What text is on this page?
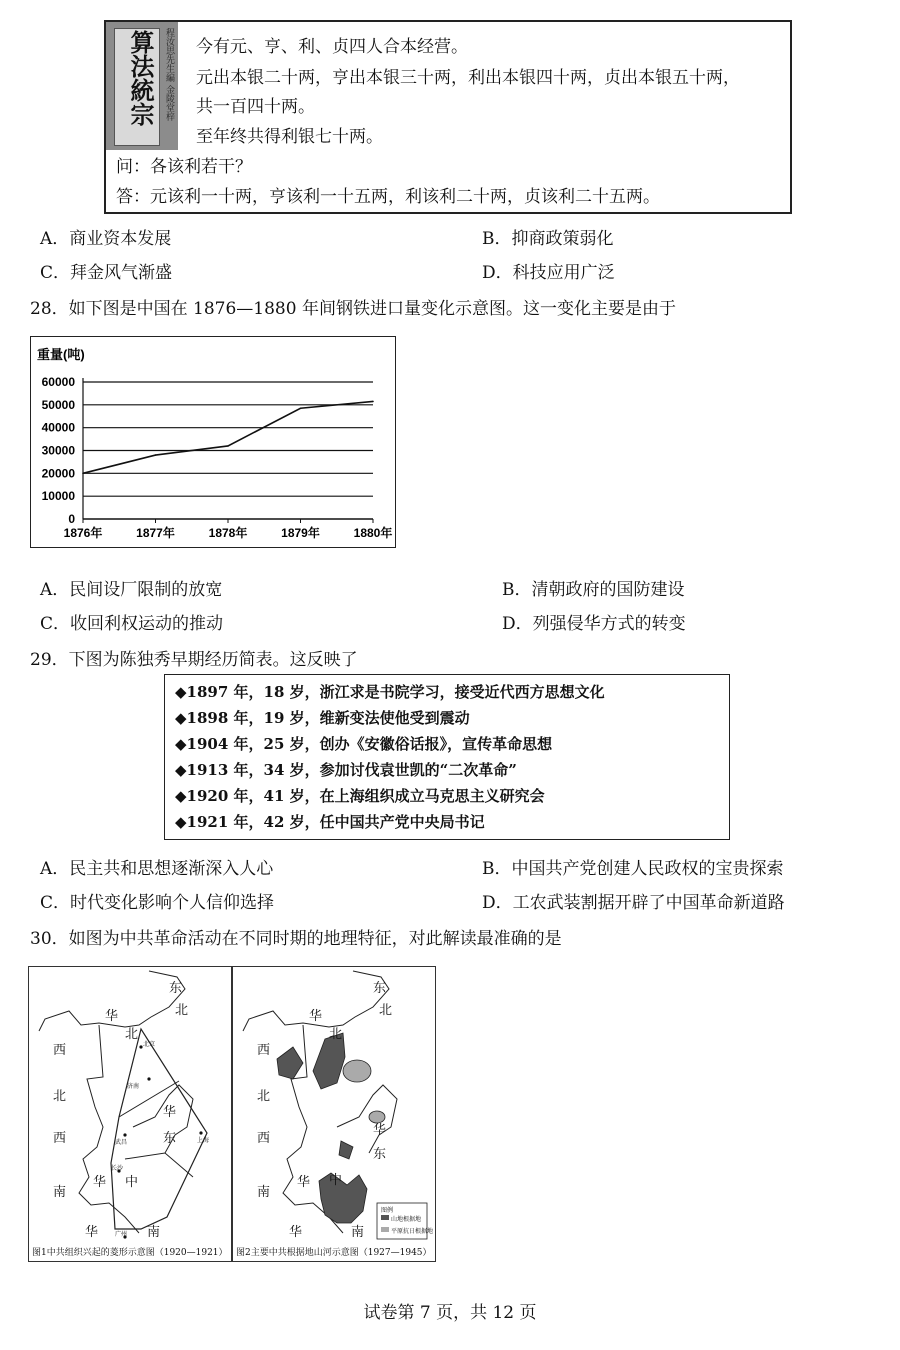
算法統宗	程汝思先生編 金陵堂梓 今有元、亨、利、贞四人合本经营。
元出本银二十两，亨出本银三十两，利出本银四十两，贞出本银五十两，
共一百四十两。
至年终共得利银七十两。
问：各该利若干？
答：元该利一十两，亨该利一十五两，利该利二十两，贞该利二十五两。
A．商业资本发展	B．抑商政策弱化
C．拜金风气渐盛	D．科技应用广泛
28．如下图是中国在 1876—1880 年间钢铁进口量变化示意图。这一变化主要是由于
重量(吨)
0
10000
20000
30000
40000
50000
60000
1876年	1877年	1878年	1879年	1880年
A．民间设厂限制的放宽	B．清朝政府的国防建设
C．收回利权运动的推动	D．列强侵华方式的转变
29．下图为陈独秀早期经历简表。这反映了
◆1897 年，18 岁，浙江求是书院学习，接受近代西方思想文化
◆1898 年，19 岁，维新变法使他受到震动
◆1904 年，25 岁，创办《安徽俗话报》，宣传革命思想
◆1913 年，34 岁，参加讨伐袁世凯的“二次革命”
◆1920 年，41 岁，在上海组织成立马克思主义研究会
◆1921 年，42 岁，任中国共产党中央局书记
A．民主共和思想逐渐深入人心	B．中国共产党创建人民政权的宝贵探索
C．时代变化影响个人信仰选择	D．工农武装割据开辟了中国革命新道路
30．如图为中共革命活动在不同时期的地理特征，对此解读最准确的是
东
北
华
北
西
北
华
东
西
南
华 中
华	南
北京
济南
上海
武昌
长沙
广州
图1中共组织兴起的菱形示意图（1920—1921）
东
北
华
北
西
北
华
东
西
南
华 中
华	南
图例
山地根据地
平原抗日根据地
图2主要中共根据地山河示意图（1927—1945）
试卷第 7 页，共 12 页
